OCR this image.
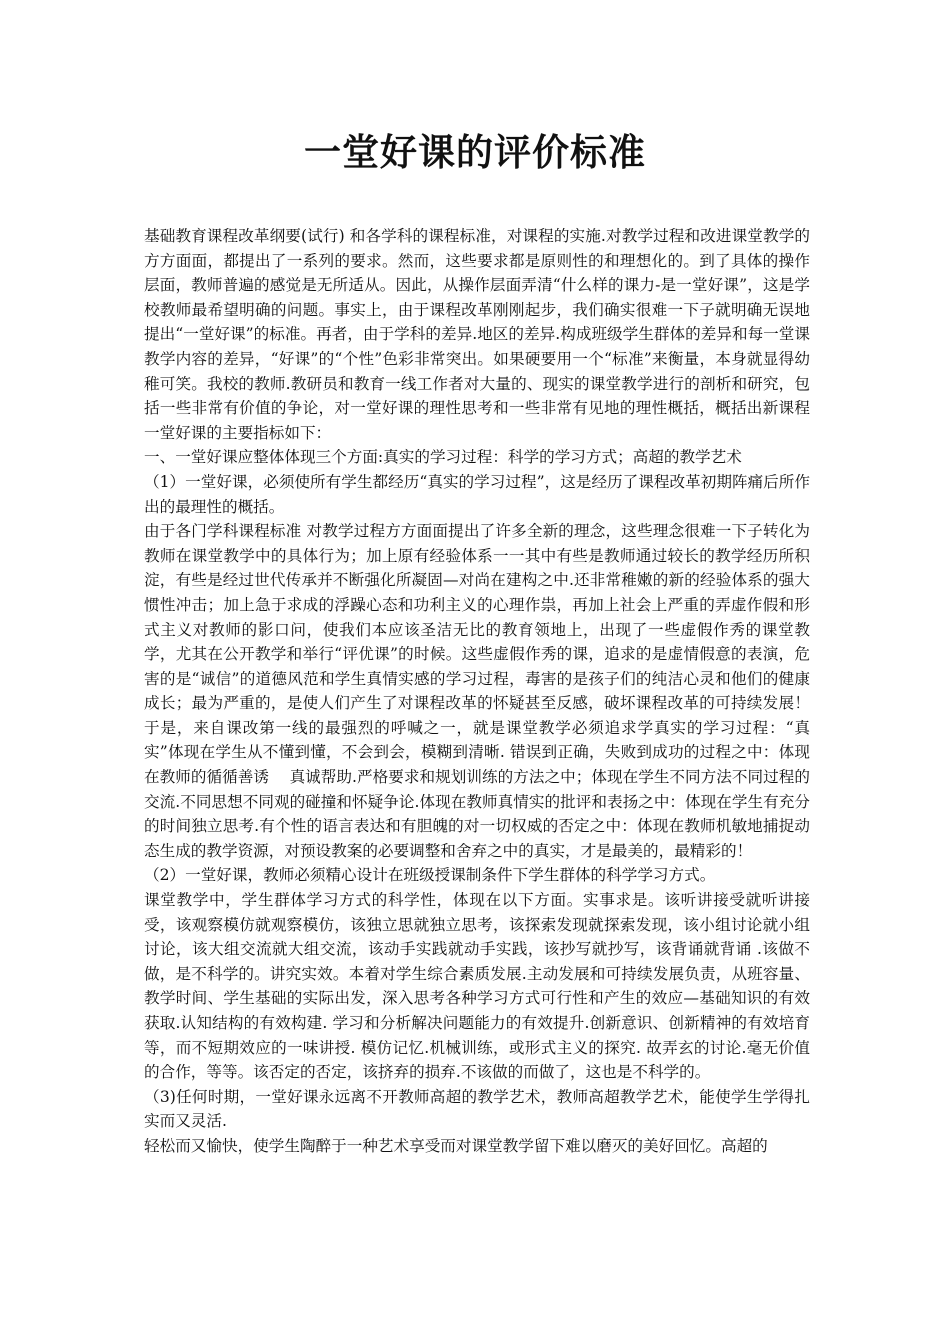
一堂好课的评价标准

基础教育课程改革纲要(试行) 和各学科的课程标准，对课程的实施.对教学过程和改进课堂教学的方方面面，都提出了一系列的要求。然而，这些要求都是原则性的和理想化的。到了具体的操作层面，教师普遍的感觉是无所适从。因此，从操作层面弄清“什么样的课力-是一堂好课”，这是学校教师最希望明确的问题。事实上，由于课程改革刚刚起步，我们确实很难一下子就明确无误地提出“一堂好课”的标准。再者，由于学科的差异.地区的差异.构成班级学生群体的差异和每一堂课教学内容的差异，“好课”的“个性”色彩非常突出。如果硬要用一个“标准”来衡量，本身就显得幼稚可笑。我校的教师.教研员和教育一线工作者对大量的、现实的课堂教学进行的剖析和研究，包括一些非常有价值的争论，对一堂好课的理性思考和一些非常有见地的理性概括，概括出新课程一堂好课的主要指标如下：

一、一堂好课应整体体现三个方面:真实的学习过程：科学的学习方式；高超的教学艺术

（1）一堂好课，必须使所有学生都经历“真实的学习过程”，这是经历了课程改革初期阵痛后所作出的最理性的概括。

由于各门学科课程标准 对教学过程方方面面提出了许多全新的理念，这些理念很难一下子转化为教师在课堂教学中的具体行为；加上原有经验体系一一其中有些是教师通过较长的教学经历所积淀，有些是经过世代传承并不断强化所凝固—对尚在建构之中.还非常稚嫩的新的经验体系的强大惯性冲击；加上急于求成的浮躁心态和功利主义的心理作祟，再加上社会上严重的弄虚作假和形式主义对教师的影口问，使我们本应该圣洁无比的教育领地上，出现了一些虚假作秀的课堂教学，尤其在公开教学和举行“评优课”的时候。这些虚假作秀的课，追求的是虚情假意的表演，危害的是“诚信”的道德风范和学生真情实感的学习过程，毒害的是孩子们的纯洁心灵和他们的健康成长；最为严重的，是使人们产生了对课程改革的怀疑甚至反感，破坏课程改革的可持续发展！于是，来自课改第一线的最强烈的呼喊之一，就是课堂教学必须追求学真实的学习过程：“真实”体现在学生从不懂到懂，不会到会，模糊到清晰. 错误到正确，失败到成功的过程之中：体现在教师的循循善诱　 真诚帮助.严格要求和规划训练的方法之中；体现在学生不同方法不同过程的交流.不同思想不同观的碰撞和怀疑争论.体现在教师真情实的批评和表扬之中：体现在学生有充分的时间独立思考.有个性的语言表达和有胆魄的对一切权威的否定之中：体现在教师机敏地捕捉动态生成的教学资源，对预设教案的必要调整和舍弃之中的真实，才是最美的，最精彩的！

（2）一堂好课，教师必须精心设计在班级授课制条件下学生群体的科学学习方式。

课堂教学中，学生群体学习方式的科学性，体现在以下方面。实事求是。该听讲接受就听讲接受，该观察模仿就观察模仿，该独立思就独立思考，该探索发现就探索发现，该小组讨论就小组讨论，该大组交流就大组交流，该动手实践就动手实践，该抄写就抄写，该背诵就背诵 .该做不做，是不科学的。讲究实效。本着对学生综合素质发展.主动发展和可持续发展负责，从班容量、教学时间、学生基础的实际出发，深入思考各种学习方式可行性和产生的效应—基础知识的有效获取.认知结构的有效构建. 学习和分析解决问题能力的有效提升.创新意识、创新精神的有效培育等，而不短期效应的一味讲授. 模仿记忆.机械训练，或形式主义的探究. 故弄玄的讨论.毫无价值的合作，等等。该否定的否定，该挤弃的损弃.不该做的而做了，这也是不科学的。

（3)任何时期，一堂好课永远离不开教师高超的教学艺术，教师高超教学艺术，能使学生学得扎实而又灵活.

轻松而又愉快，使学生陶醉于一种艺术享受而对课堂教学留下难以磨灭的美好回忆。高超的
